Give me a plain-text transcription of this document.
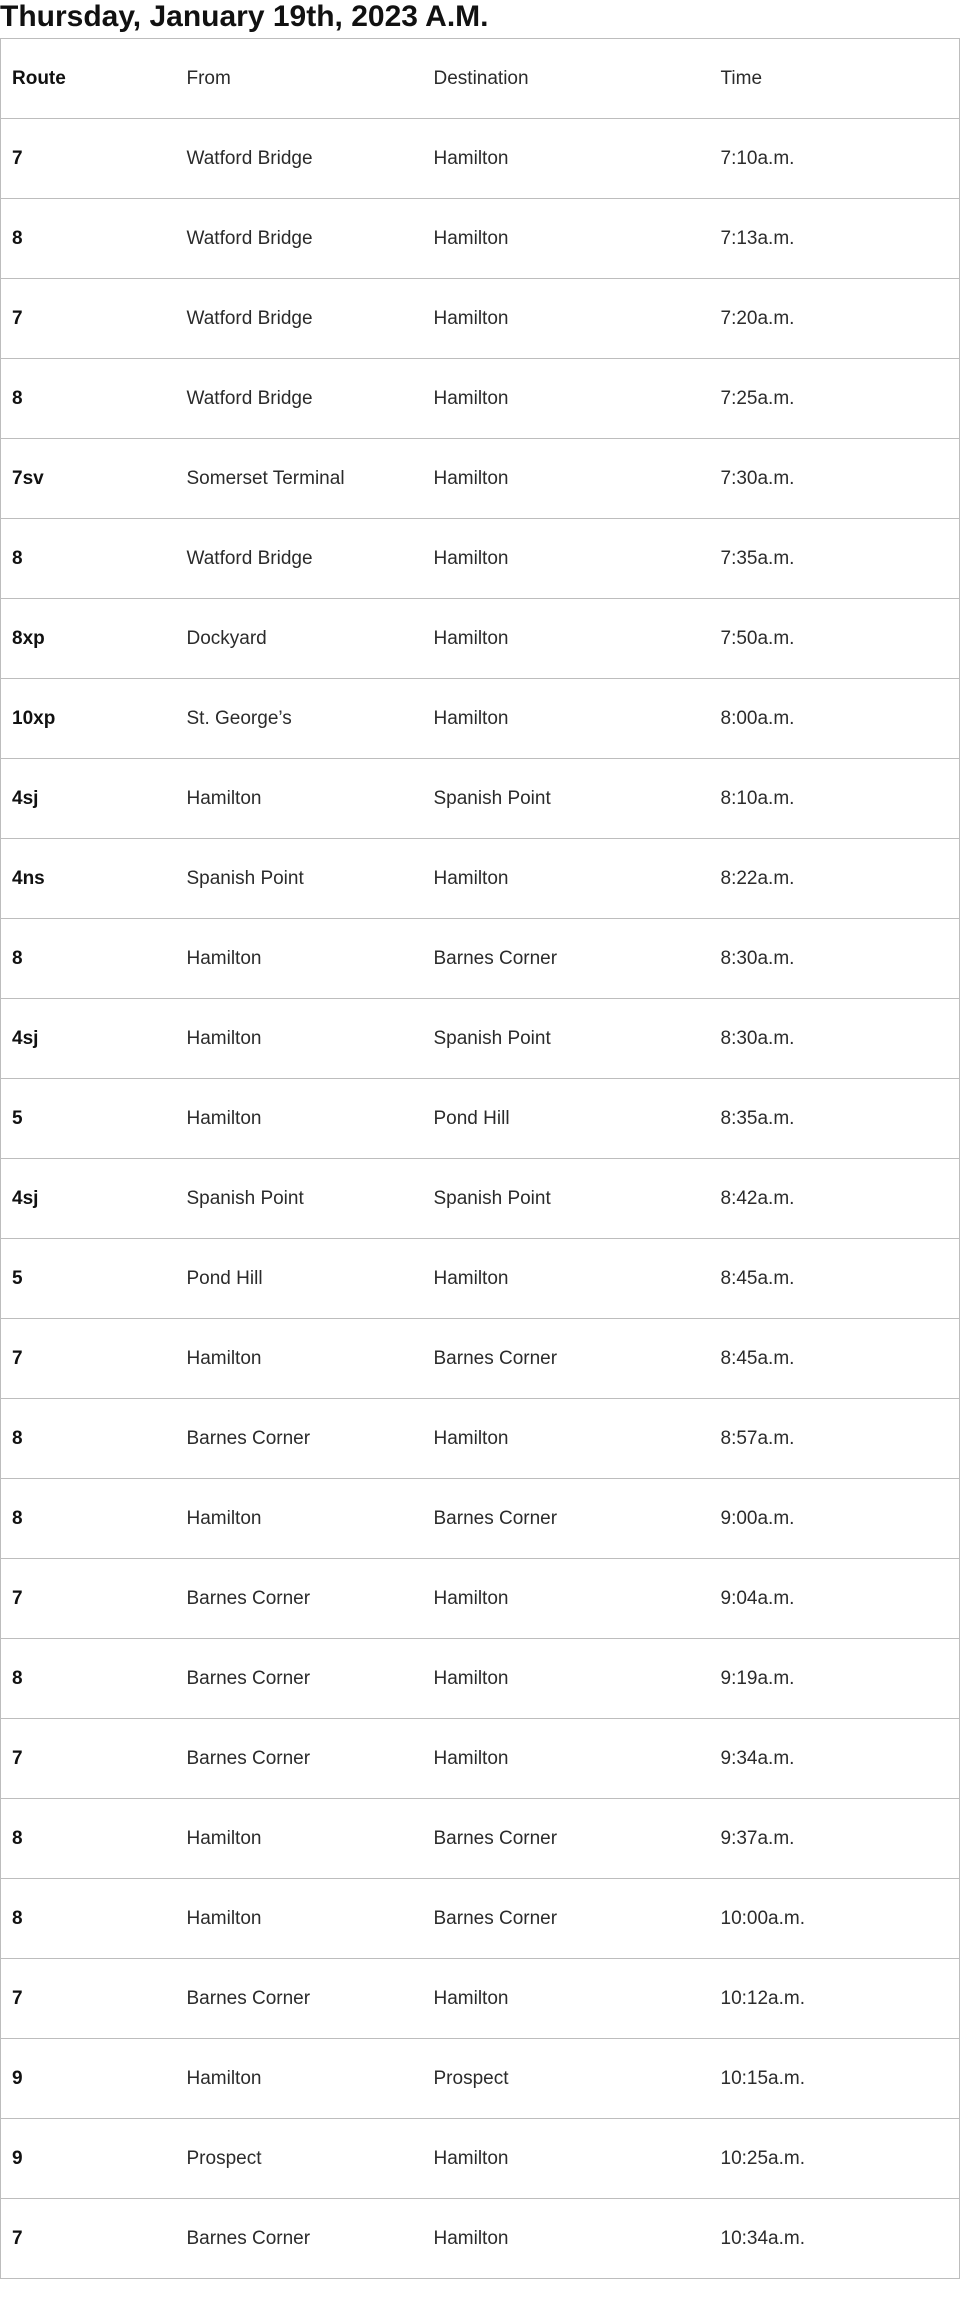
Thursday, January 19th, 2023 A.M.
Route	From	Destination	Time
7	Watford Bridge	Hamilton	7:10a.m.
8	Watford Bridge	Hamilton	7:13a.m.
7	Watford Bridge	Hamilton	7:20a.m.
8	Watford Bridge	Hamilton	7:25a.m.
7sv	Somerset Terminal	Hamilton	7:30a.m.
8	Watford Bridge	Hamilton	7:35a.m.
8xp	Dockyard	Hamilton	7:50a.m.
10xp	St. George’s	Hamilton	8:00a.m.
4sj	Hamilton	Spanish Point	8:10a.m.
4ns	Spanish Point	Hamilton	8:22a.m.
8	Hamilton	Barnes Corner	8:30a.m.
4sj	Hamilton	Spanish Point	8:30a.m.
5	Hamilton	Pond Hill	8:35a.m.
4sj	Spanish Point	Spanish Point	8:42a.m.
5	Pond Hill	Hamilton	8:45a.m.
7	Hamilton	Barnes Corner	8:45a.m.
8	Barnes Corner	Hamilton	8:57a.m.
8	Hamilton	Barnes Corner	9:00a.m.
7	Barnes Corner	Hamilton	9:04a.m.
8	Barnes Corner	Hamilton	9:19a.m.
7	Barnes Corner	Hamilton	9:34a.m.
8	Hamilton	Barnes Corner	9:37a.m.
8	Hamilton	Barnes Corner	10:00a.m.
7	Barnes Corner	Hamilton	10:12a.m.
9	Hamilton	Prospect	10:15a.m.
9	Prospect	Hamilton	10:25a.m.
7	Barnes Corner	Hamilton	10:34a.m.
